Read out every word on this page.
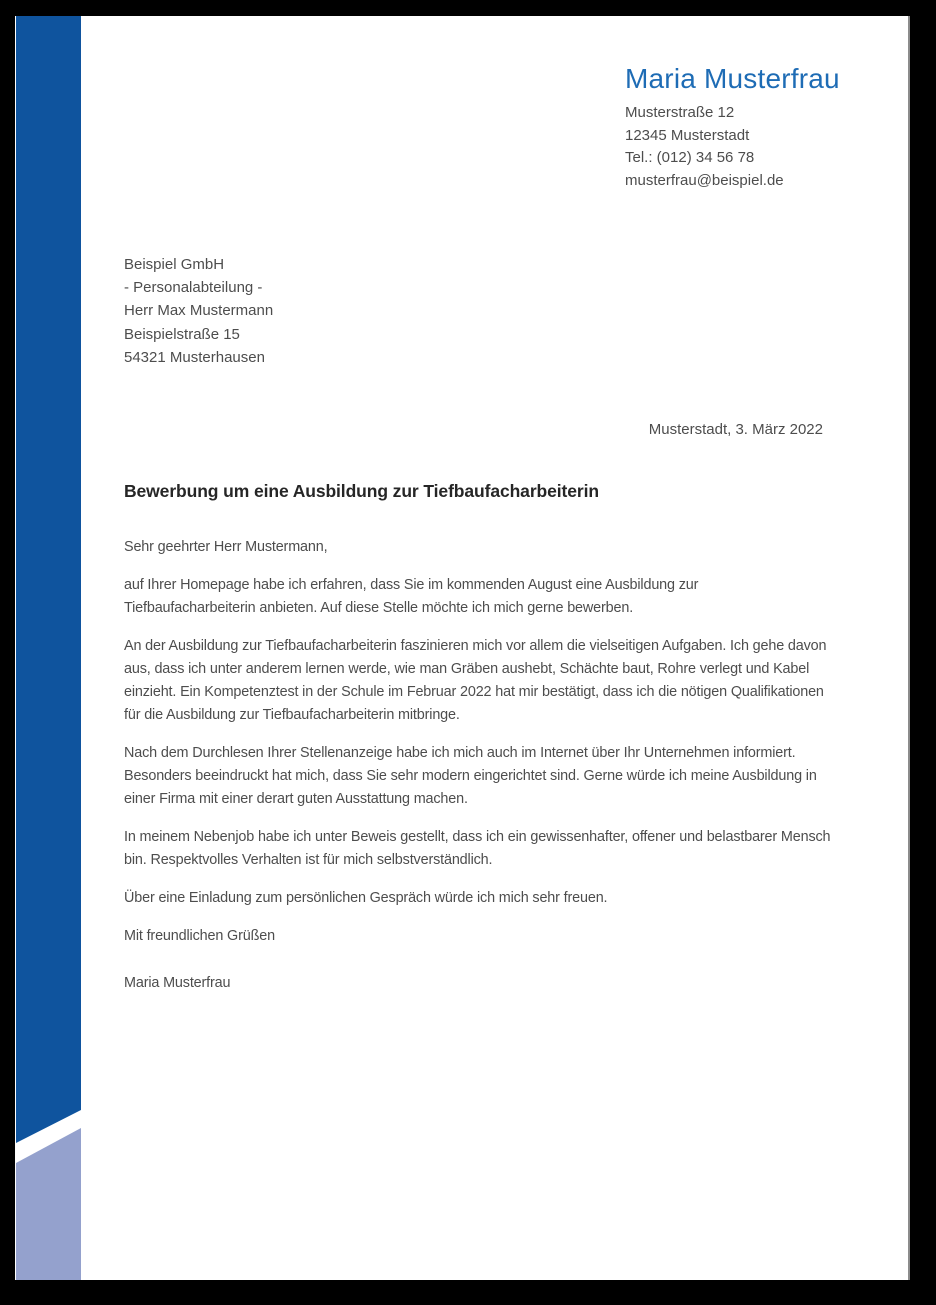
Maria Musterfrau
Musterstraße 12
12345 Musterstadt
Tel.: (012) 34 56 78
musterfrau@beispiel.de
Beispiel GmbH
- Personalabteilung -
Herr Max Mustermann
Beispielstraße 15
54321 Musterhausen
Musterstadt, 3. März 2022
Bewerbung um eine Ausbildung zur Tiefbaufacharbeiterin

Sehr geehrter Herr Mustermann,

auf Ihrer Homepage habe ich erfahren, dass Sie im kommenden August eine Ausbildung zur Tiefbaufacharbeiterin anbieten. Auf diese Stelle möchte ich mich gerne bewerben.

An der Ausbildung zur Tiefbaufacharbeiterin faszinieren mich vor allem die vielseitigen Aufgaben. Ich gehe davon aus, dass ich unter anderem lernen werde, wie man Gräben aushebt, Schächte baut, Rohre verlegt und Kabel einzieht. Ein Kompetenztest in der Schule im Februar 2022 hat mir bestätigt, dass ich die nötigen Qualifikationen für die Ausbildung zur Tiefbaufacharbeiterin mitbringe.

Nach dem Durchlesen Ihrer Stellenanzeige habe ich mich auch im Internet über Ihr Unternehmen informiert. Besonders beeindruckt hat mich, dass Sie sehr modern eingerichtet sind. Gerne würde ich meine Ausbildung in einer Firma mit einer derart guten Ausstattung machen.

In meinem Nebenjob habe ich unter Beweis gestellt, dass ich ein gewissenhafter, offener und belastbarer Mensch bin. Respektvolles Verhalten ist für mich selbstverständlich.

Über eine Einladung zum persönlichen Gespräch würde ich mich sehr freuen.

Mit freundlichen Grüßen

Maria Musterfrau
